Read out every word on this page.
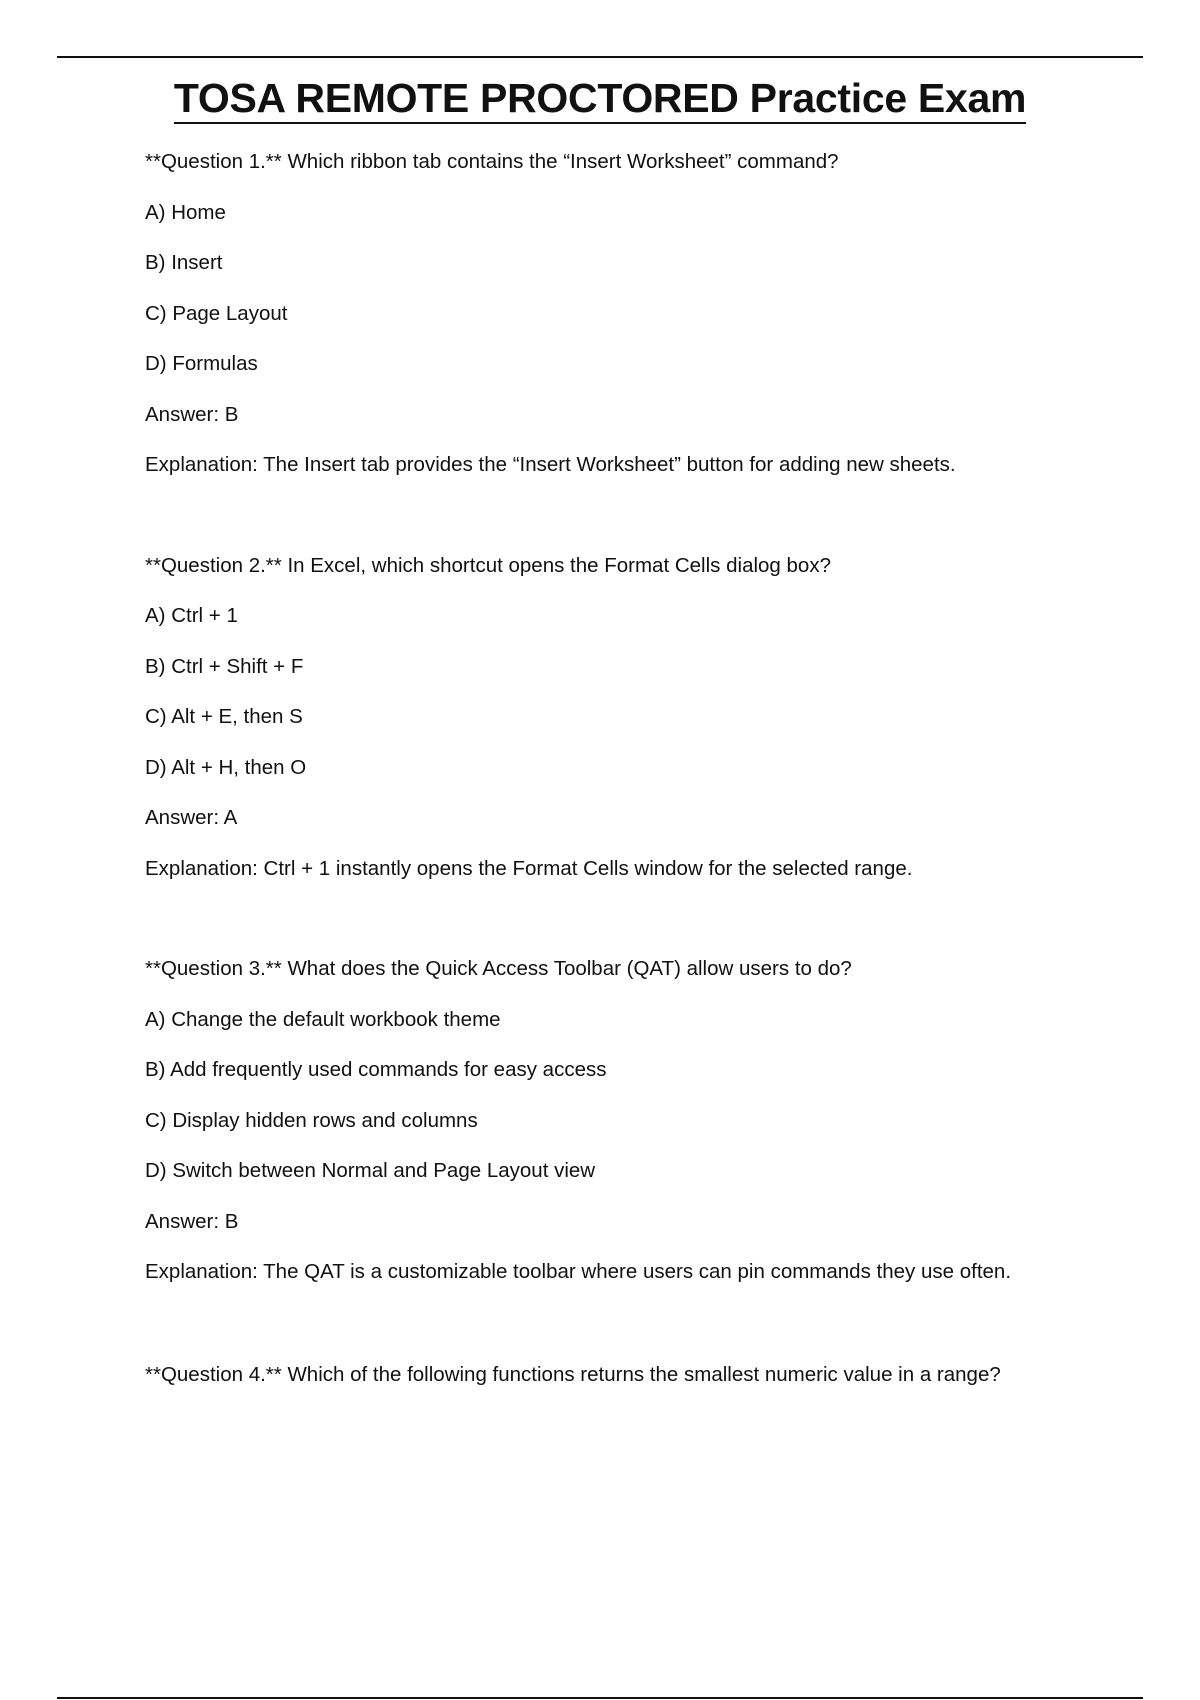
TOSA REMOTE PROCTORED Practice Exam
**Question 1.** Which ribbon tab contains the “Insert Worksheet” command?
A) Home
B) Insert
C) Page Layout
D) Formulas
Answer: B
Explanation: The Insert tab provides the “Insert Worksheet” button for adding new sheets.
**Question 2.** In Excel, which shortcut opens the Format Cells dialog box?
A) Ctrl + 1
B) Ctrl + Shift + F
C) Alt + E, then S
D) Alt + H, then O
Answer: A
Explanation: Ctrl + 1 instantly opens the Format Cells window for the selected range.
**Question 3.** What does the Quick Access Toolbar (QAT) allow users to do?
A) Change the default workbook theme
B) Add frequently used commands for easy access
C) Display hidden rows and columns
D) Switch between Normal and Page Layout view
Answer: B
Explanation: The QAT is a customizable toolbar where users can pin commands they use often.
**Question 4.** Which of the following functions returns the smallest numeric value in a range?
